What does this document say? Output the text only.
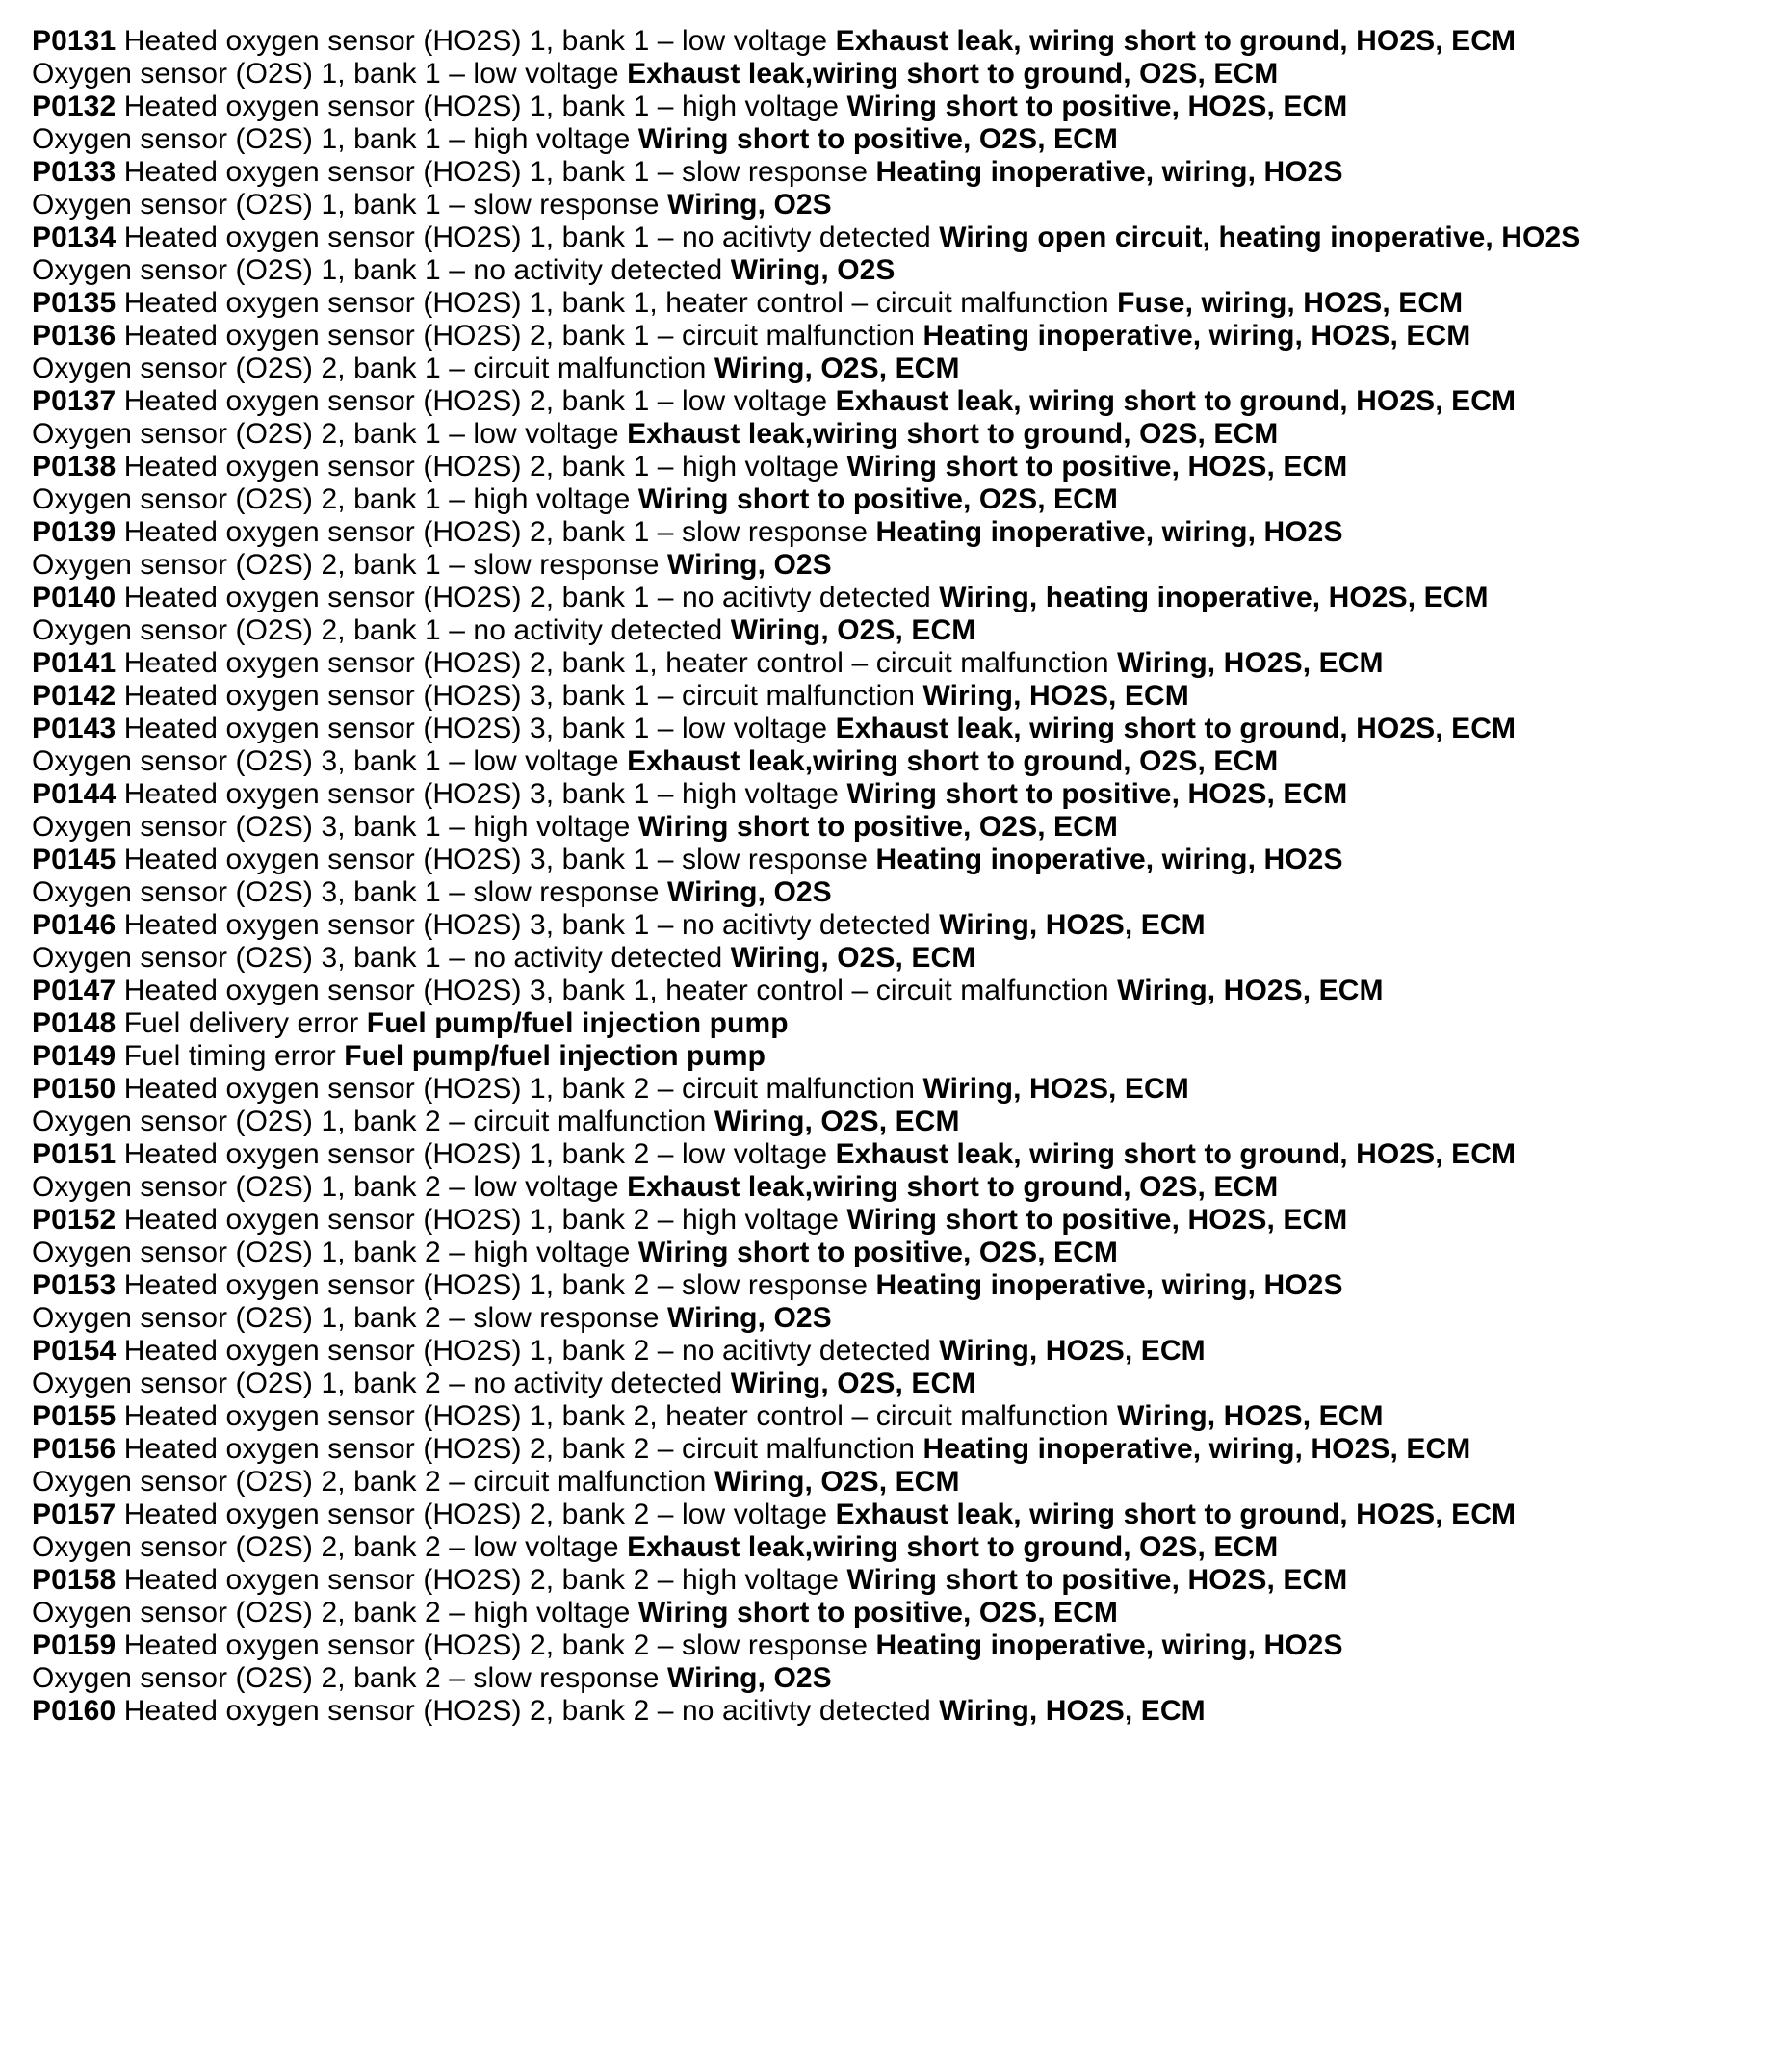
P0131 Heated oxygen sensor (HO2S) 1, bank 1 – low voltage Exhaust leak, wiring short to ground, HO2S, ECM

Oxygen sensor (O2S) 1, bank 1 – low voltage Exhaust leak,wiring short to ground, O2S, ECM

P0132 Heated oxygen sensor (HO2S) 1, bank 1 – high voltage Wiring short to positive, HO2S, ECM

Oxygen sensor (O2S) 1, bank 1 – high voltage Wiring short to positive, O2S, ECM

P0133 Heated oxygen sensor (HO2S) 1, bank 1 – slow response Heating inoperative, wiring, HO2S

Oxygen sensor (O2S) 1, bank 1 – slow response Wiring, O2S

P0134 Heated oxygen sensor (HO2S) 1, bank 1 – no acitivty detected Wiring open circuit, heating inoperative, HO2S

Oxygen sensor (O2S) 1, bank 1 – no activity detected Wiring, O2S

P0135 Heated oxygen sensor (HO2S) 1, bank 1, heater control – circuit malfunction Fuse, wiring, HO2S, ECM

P0136 Heated oxygen sensor (HO2S) 2, bank 1 – circuit malfunction Heating inoperative, wiring, HO2S, ECM

Oxygen sensor (O2S) 2, bank 1 – circuit malfunction Wiring, O2S, ECM

P0137 Heated oxygen sensor (HO2S) 2, bank 1 – low voltage Exhaust leak, wiring short to ground, HO2S, ECM

Oxygen sensor (O2S) 2, bank 1 – low voltage Exhaust leak,wiring short to ground, O2S, ECM

P0138 Heated oxygen sensor (HO2S) 2, bank 1 – high voltage Wiring short to positive, HO2S, ECM

Oxygen sensor (O2S) 2, bank 1 – high voltage Wiring short to positive, O2S, ECM

P0139 Heated oxygen sensor (HO2S) 2, bank 1 – slow response Heating inoperative, wiring, HO2S

Oxygen sensor (O2S) 2, bank 1 – slow response Wiring, O2S

P0140 Heated oxygen sensor (HO2S) 2, bank 1 – no acitivty detected Wiring, heating inoperative, HO2S, ECM

Oxygen sensor (O2S) 2, bank 1 – no activity detected Wiring, O2S, ECM

P0141 Heated oxygen sensor (HO2S) 2, bank 1, heater control – circuit malfunction Wiring, HO2S, ECM

P0142 Heated oxygen sensor (HO2S) 3, bank 1 – circuit malfunction Wiring, HO2S, ECM

P0143 Heated oxygen sensor (HO2S) 3, bank 1 – low voltage Exhaust leak, wiring short to ground, HO2S, ECM

Oxygen sensor (O2S) 3, bank 1 – low voltage Exhaust leak,wiring short to ground, O2S, ECM

P0144 Heated oxygen sensor (HO2S) 3, bank 1 – high voltage Wiring short to positive, HO2S, ECM

Oxygen sensor (O2S) 3, bank 1 – high voltage Wiring short to positive, O2S, ECM

P0145 Heated oxygen sensor (HO2S) 3, bank 1 – slow response Heating inoperative, wiring, HO2S

Oxygen sensor (O2S) 3, bank 1 – slow response Wiring, O2S

P0146 Heated oxygen sensor (HO2S) 3, bank 1 – no acitivty detected Wiring, HO2S, ECM

Oxygen sensor (O2S) 3, bank 1 – no activity detected Wiring, O2S, ECM

P0147 Heated oxygen sensor (HO2S) 3, bank 1, heater control – circuit malfunction Wiring, HO2S, ECM

P0148 Fuel delivery error Fuel pump/fuel injection pump

P0149 Fuel timing error Fuel pump/fuel injection pump

P0150 Heated oxygen sensor (HO2S) 1, bank 2 – circuit malfunction Wiring, HO2S, ECM

Oxygen sensor (O2S) 1, bank 2 – circuit malfunction Wiring, O2S, ECM

P0151 Heated oxygen sensor (HO2S) 1, bank 2 – low voltage Exhaust leak, wiring short to ground, HO2S, ECM

Oxygen sensor (O2S) 1, bank 2 – low voltage Exhaust leak,wiring short to ground, O2S, ECM

P0152 Heated oxygen sensor (HO2S) 1, bank 2 – high voltage Wiring short to positive, HO2S, ECM

Oxygen sensor (O2S) 1, bank 2 – high voltage Wiring short to positive, O2S, ECM

P0153 Heated oxygen sensor (HO2S) 1, bank 2 – slow response Heating inoperative, wiring, HO2S

Oxygen sensor (O2S) 1, bank 2 – slow response Wiring, O2S

P0154 Heated oxygen sensor (HO2S) 1, bank 2 – no acitivty detected Wiring, HO2S, ECM

Oxygen sensor (O2S) 1, bank 2 – no activity detected Wiring, O2S, ECM

P0155 Heated oxygen sensor (HO2S) 1, bank 2, heater control – circuit malfunction Wiring, HO2S, ECM

P0156 Heated oxygen sensor (HO2S) 2, bank 2 – circuit malfunction Heating inoperative, wiring, HO2S, ECM

Oxygen sensor (O2S) 2, bank 2 – circuit malfunction Wiring, O2S, ECM

P0157 Heated oxygen sensor (HO2S) 2, bank 2 – low voltage Exhaust leak, wiring short to ground, HO2S, ECM

Oxygen sensor (O2S) 2, bank 2 – low voltage Exhaust leak,wiring short to ground, O2S, ECM

P0158 Heated oxygen sensor (HO2S) 2, bank 2 – high voltage Wiring short to positive, HO2S, ECM

Oxygen sensor (O2S) 2, bank 2 – high voltage Wiring short to positive, O2S, ECM

P0159 Heated oxygen sensor (HO2S) 2, bank 2 – slow response Heating inoperative, wiring, HO2S

Oxygen sensor (O2S) 2, bank 2 – slow response Wiring, O2S

P0160 Heated oxygen sensor (HO2S) 2, bank 2 – no acitivty detected Wiring, HO2S, ECM
